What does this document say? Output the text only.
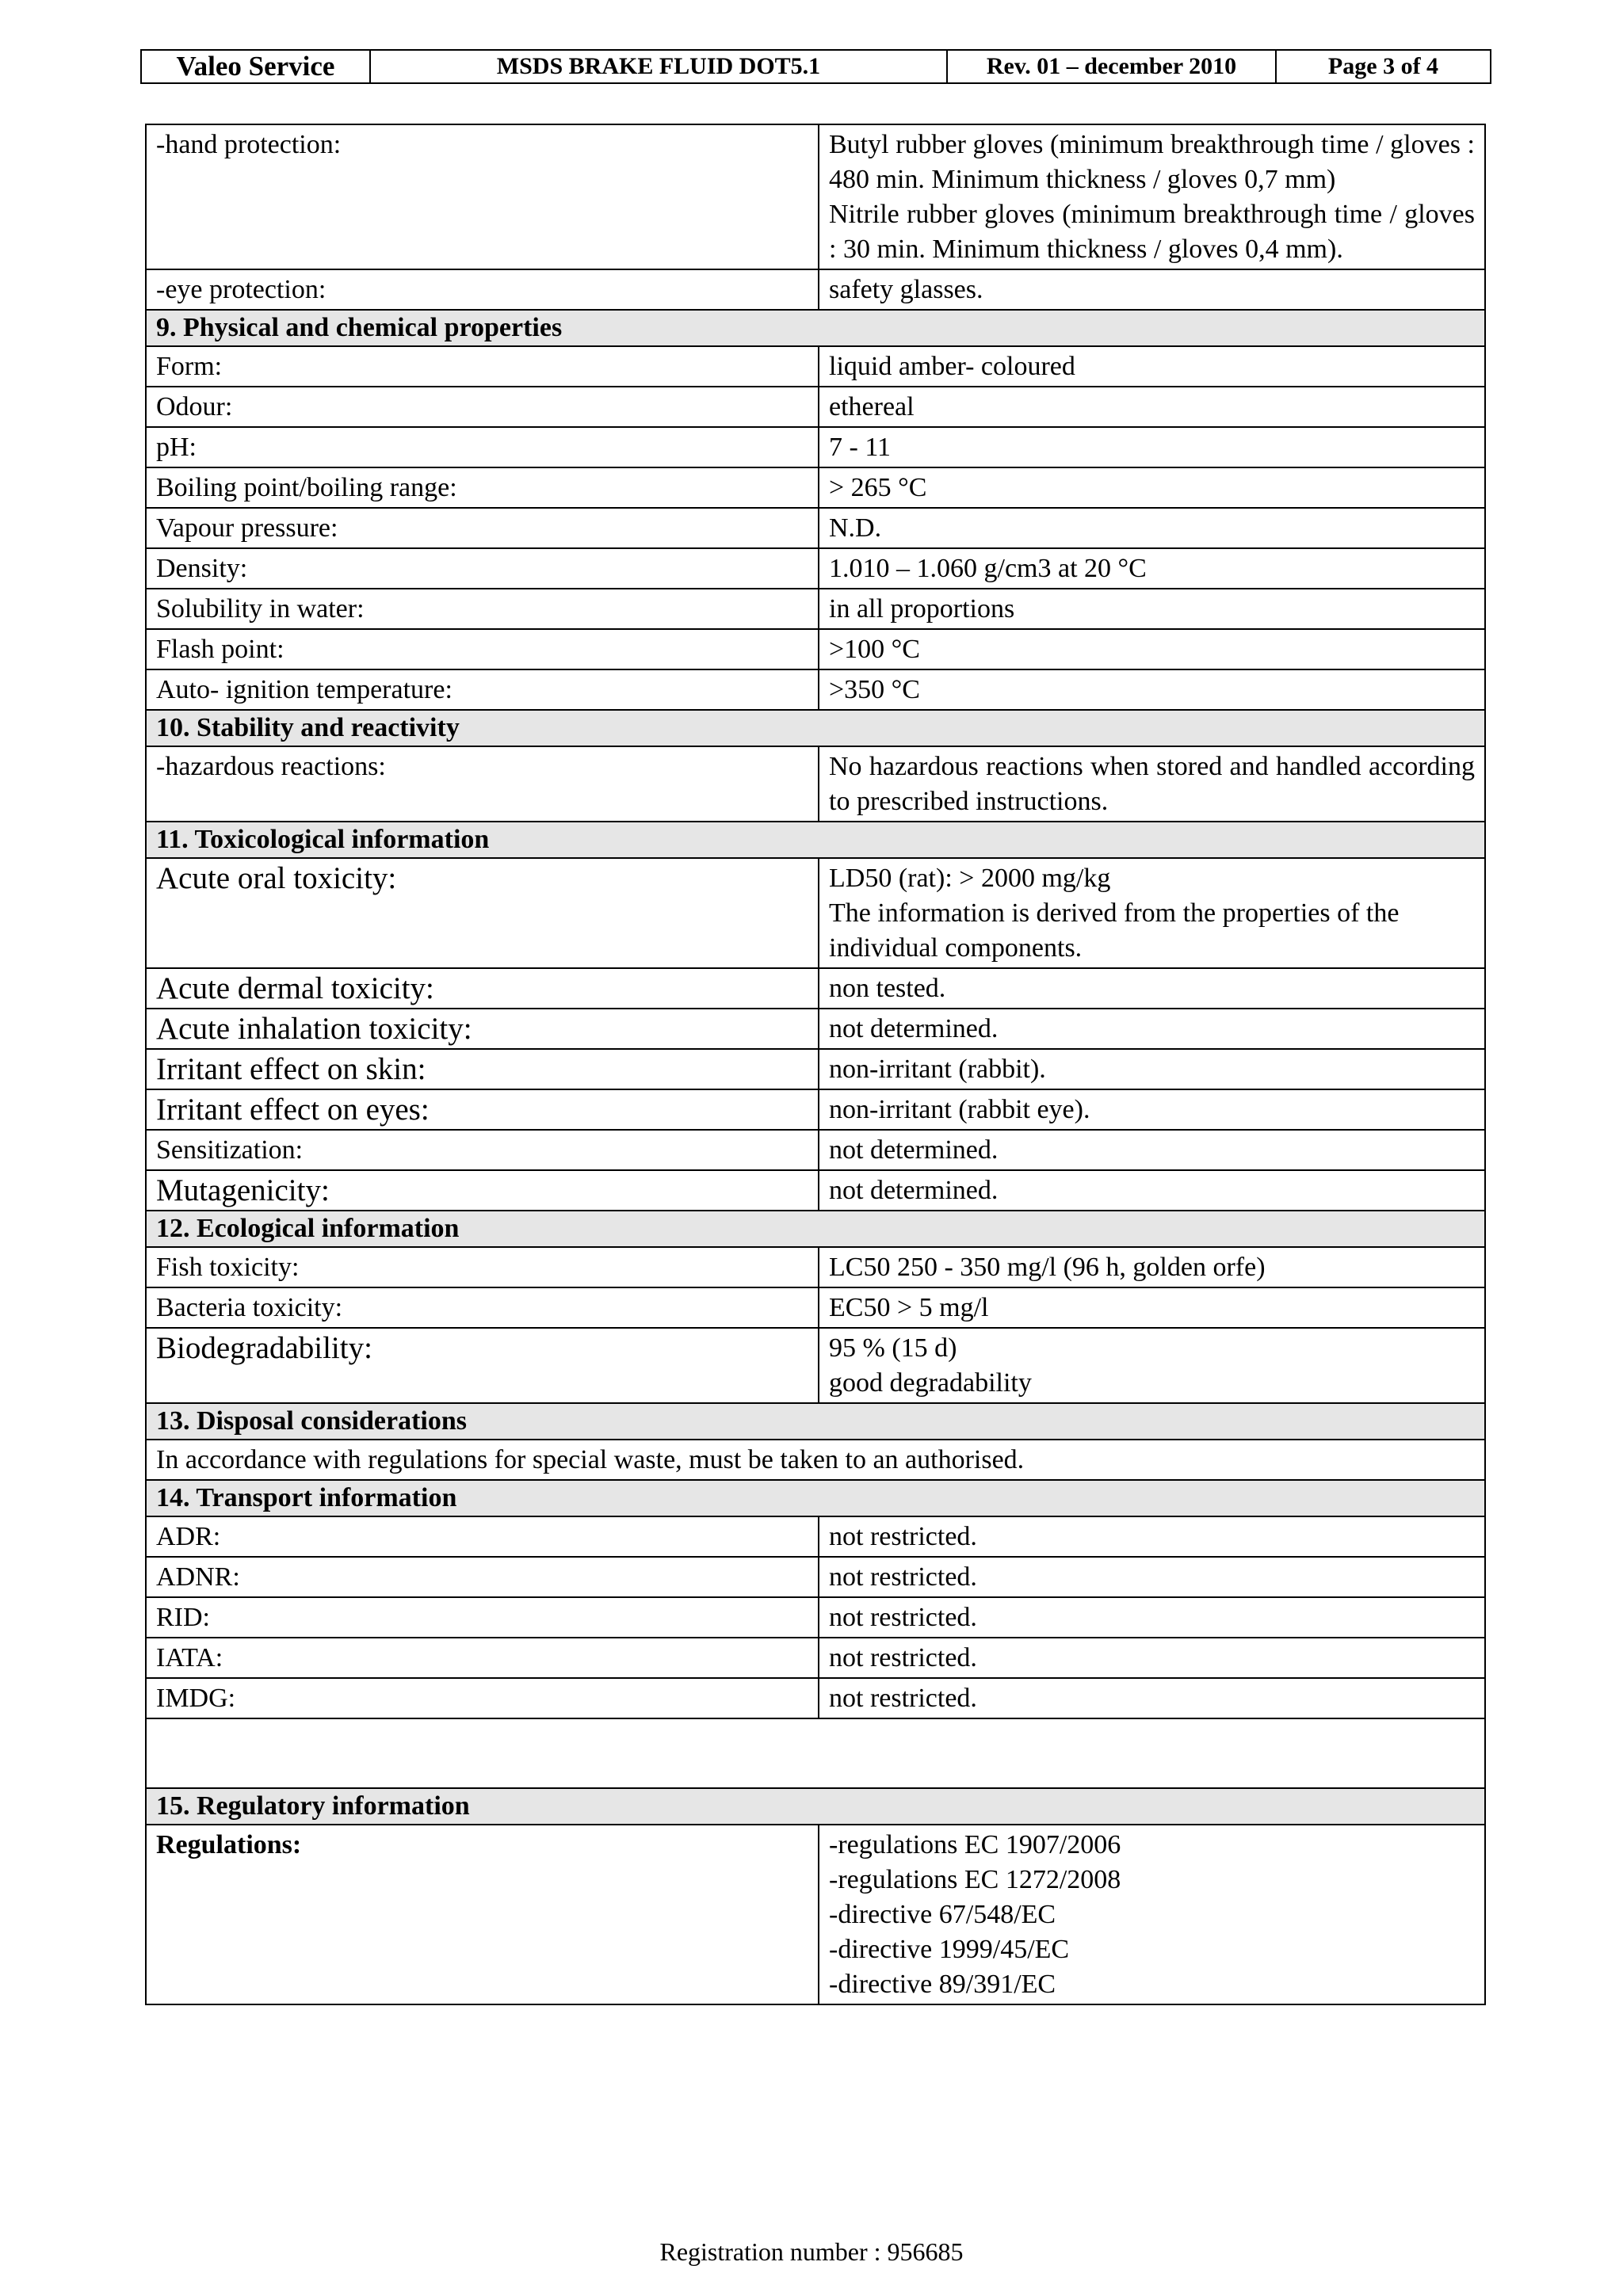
Valeo Service	MSDS BRAKE FLUID DOT5.1	Rev. 01 – december 2010	Page 3 of 4
-hand protection:	Butyl rubber gloves (minimum breakthrough time / gloves : 480 min. Minimum thickness / gloves 0,7 mm)
Nitrile rubber gloves (minimum breakthrough time / gloves : 30 min. Minimum thickness / gloves 0,4 mm).

-eye protection:	safety glasses.
9. Physical and chemical properties	
Form:	liquid amber- coloured
Odour:	ethereal
pH:	7 - 11
Boiling point/boiling range:	> 265 °C
Vapour pressure:	N.D.
Density:	1.010 – 1.060 g/cm3 at 20 °C
Solubility in water:	in all proportions
Flash point:	>100 °C
Auto- ignition temperature:	>350 °C
10. Stability and reactivity	
-hazardous reactions:	No hazardous reactions when stored and handled according to prescribed instructions.
11. Toxicological information	
Acute oral toxicity:	LD50 (rat): > 2000 mg/kg
The information is derived from the properties of the individual components.

Acute dermal toxicity:	non tested.
Acute inhalation toxicity:	not determined.
Irritant effect on skin:	non-irritant (rabbit).
Irritant effect on eyes:	non-irritant (rabbit eye).
Sensitization:	not determined.
Mutagenicity:	not determined.
12. Ecological information	
Fish toxicity:	LC50 250 - 350 mg/l (96 h, golden orfe)
Bacteria toxicity:	EC50 > 5 mg/l
Biodegradability:	95 % (15 d)
good degradability

13. Disposal considerations	
In accordance with regulations for special waste, must be taken to an authorised.	
14. Transport information	
ADR:	not restricted.
ADNR:	not restricted.
RID:	not restricted.
IATA:	not restricted.
IMDG:	not restricted.

15. Regulatory information	
Regulations:	-regulations EC 1907/2006
-regulations EC 1272/2008
-directive 67/548/EC
-directive 1999/45/EC
-directive 89/391/EC
Registration number : 956685
